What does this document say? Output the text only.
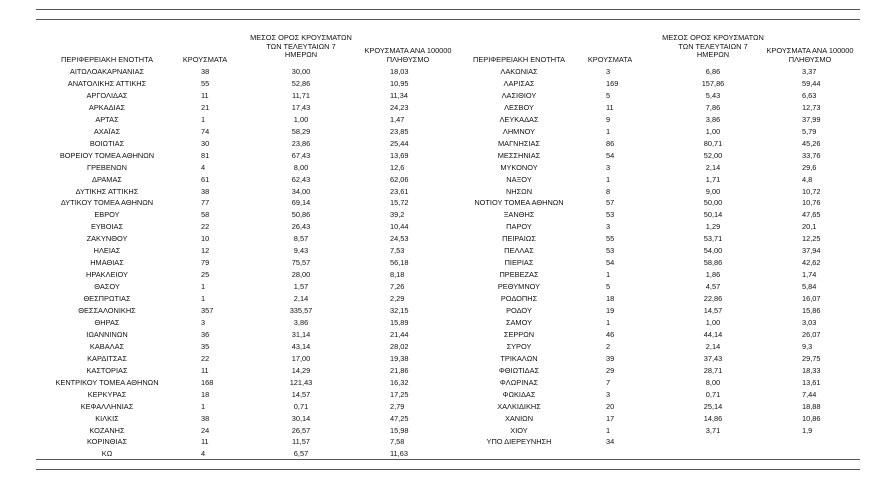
ΠΕΡΙΦΕΡΕΙΑΚΗ ΕΝΟΤΗΤΑ	ΚΡΟΥΣΜΑΤΑ
ΜΕΣΟΣ ΟΡΟΣ ΚΡΟΥΣΜΑΤΩΝ
ΤΩΝ ΤΕΛΕΥΤΑΙΩΝ 7
ΗΜΕΡΩΝ	ΚΡΟΥΣΜΑΤΑ ΑΝΑ 100000
ΠΛΗΘΥΣΜΟ	ΠΕΡΙΦΕΡΕΙΑΚΗ ΕΝΟΤΗΤΑ	ΚΡΟΥΣΜΑΤΑ
ΜΕΣΟΣ ΟΡΟΣ ΚΡΟΥΣΜΑΤΩΝ
ΤΩΝ ΤΕΛΕΥΤΑΙΩΝ 7
ΗΜΕΡΩΝ	ΚΡΟΥΣΜΑΤΑ ΑΝΑ 100000
ΠΛΗΘΥΣΜΟ
ΑΙΤΩΛΟΑΚΑΡΝΑΝΙΑΣ	38	30,00	18,03
ΑΝΑΤΟΛΙΚΗΣ ΑΤΤΙΚΗΣ	55	52,86	10,95
ΑΡΓΟΛΙΔΑΣ	11	11,71	11,34
ΑΡΚΑΔΙΑΣ	21	17,43	24,23
ΑΡΤΑΣ	1	1,00	1,47
ΑΧΑΪΑΣ	74	58,29	23,85
ΒΟΙΩΤΙΑΣ	30	23,86	25,44
ΒΟΡΕΙΟΥ ΤΟΜΕΑ ΑΘΗΝΩΝ	81	67,43	13,69
ΓΡΕΒΕΝΩΝ	4	8,00	12,6
ΔΡΑΜΑΣ	61	62,43	62,06
ΔΥΤΙΚΗΣ ΑΤΤΙΚΗΣ	38	34,00	23,61
ΔΥΤΙΚΟΥ ΤΟΜΕΑ ΑΘΗΝΩΝ	77	69,14	15,72
ΕΒΡΟΥ	58	50,86	39,2
ΕΥΒΟΙΑΣ	22	26,43	10,44
ΖΑΚΥΝΘΟΥ	10	8,57	24,53
ΗΛΕΙΑΣ	12	9,43	7,53
ΗΜΑΘΙΑΣ	79	75,57	56,18
ΗΡΑΚΛΕΙΟΥ	25	28,00	8,18
ΘΑΣΟΥ	1	1,57	7,26
ΘΕΣΠΡΩΤΙΑΣ	1	2,14	2,29
ΘΕΣΣΑΛΟΝΙΚΗΣ	357	335,57	32,15
ΘΗΡΑΣ	3	3,86	15,89
ΙΩΑΝΝΙΝΩΝ	36	31,14	21,44
ΚΑΒΑΛΑΣ	35	43,14	28,02
ΚΑΡΔΙΤΣΑΣ	22	17,00	19,38
ΚΑΣΤΟΡΙΑΣ	11	14,29	21,86
ΚΕΝΤΡΙΚΟΥ ΤΟΜΕΑ ΑΘΗΝΩΝ	168	121,43	16,32
ΚΕΡΚΥΡΑΣ	18	14,57	17,25
ΚΕΦΑΛΛΗΝΙΑΣ	1	0,71	2,79
ΚΙΛΚΙΣ	38	30,14	47,25
ΚΟΖΑΝΗΣ	24	26,57	15,98
ΚΟΡΙΝΘΙΑΣ	11	11,57	7,58
ΚΩ	4	6,57	11,63
ΛΑΚΩΝΙΑΣ	3	6,86	3,37
ΛΑΡΙΣΑΣ	169	157,86	59,44
ΛΑΣΙΘΙΟΥ	5	5,43	6,63
ΛΕΣΒΟΥ	11	7,86	12,73
ΛΕΥΚΑΔΑΣ	9	3,86	37,99
ΛΗΜΝΟΥ	1	1,00	5,79
ΜΑΓΝΗΣΙΑΣ	86	80,71	45,26
ΜΕΣΣΗΝΙΑΣ	54	52,00	33,76
ΜΥΚΟΝΟΥ	3	2,14	29,6
ΝΑΞΟΥ	1	1,71	4,8
ΝΗΣΩΝ	8	9,00	10,72
ΝΟΤΙΟΥ ΤΟΜΕΑ ΑΘΗΝΩΝ	57	50,00	10,76
ΞΑΝΘΗΣ	53	50,14	47,65
ΠΑΡΟΥ	3	1,29	20,1
ΠΕΙΡΑΙΩΣ	55	53,71	12,25
ΠΕΛΛΑΣ	53	54,00	37,94
ΠΙΕΡΙΑΣ	54	58,86	42,62
ΠΡΕΒΕΖΑΣ	1	1,86	1,74
ΡΕΘΥΜΝΟΥ	5	4,57	5,84
ΡΟΔΟΠΗΣ	18	22,86	16,07
ΡΟΔΟΥ	19	14,57	15,86
ΣΑΜΟΥ	1	1,00	3,03
ΣΕΡΡΩΝ	46	44,14	26,07
ΣΥΡΟΥ	2	2,14	9,3
ΤΡΙΚΑΛΩΝ	39	37,43	29,75
ΦΘΙΩΤΙΔΑΣ	29	28,71	18,33
ΦΛΩΡΙΝΑΣ	7	8,00	13,61
ΦΩΚΙΔΑΣ	3	0,71	7,44
ΧΑΛΚΙΔΙΚΗΣ	20	25,14	18,88
ΧΑΝΙΩΝ	17	14,86	10,86
ΧΙΟΥ	1	3,71	1,9
ΥΠΟ ΔΙΕΡΕΥΝΗΣΗ	34
